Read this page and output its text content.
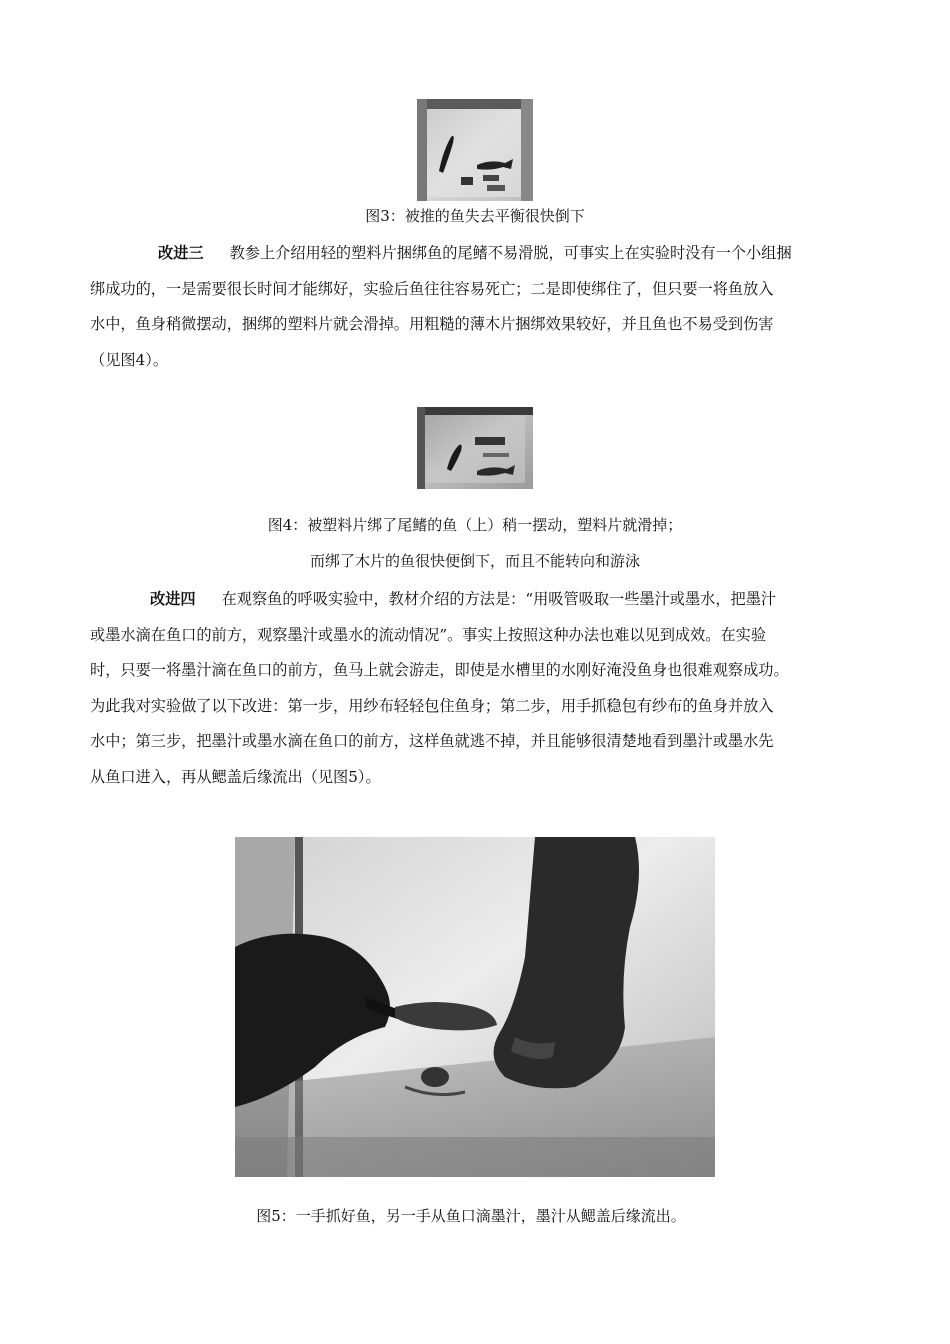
图3：被推的鱼失去平衡很快倒下
改进三 教参上介绍用轻的塑料片捆绑鱼的尾鳍不易滑脱，可事实上在实验时没有一个小组捆
绑成功的，一是需要很长时间才能绑好，实验后鱼往往容易死亡；二是即使绑住了，但只要一将鱼放入
水中，鱼身稍微摆动，捆绑的塑料片就会滑掉。用粗糙的薄木片捆绑效果较好，并且鱼也不易受到伤害
（见图4）。
图4：被塑料片绑了尾鳍的鱼（上）稍一摆动，塑料片就滑掉；
而绑了木片的鱼很快便倒下，而且不能转向和游泳
改进四 在观察鱼的呼吸实验中，教材介绍的方法是：“用吸管吸取一些墨汁或墨水，把墨汁
或墨水滴在鱼口的前方，观察墨汁或墨水的流动情况”。事实上按照这种办法也难以见到成效。在实验
时，只要一将墨汁滴在鱼口的前方，鱼马上就会游走，即使是水槽里的水刚好淹没鱼身也很难观察成功。
为此我对实验做了以下改进：第一步，用纱布轻轻包住鱼身；第二步，用手抓稳包有纱布的鱼身并放入
水中；第三步，把墨汁或墨水滴在鱼口的前方，这样鱼就逃不掉，并且能够很清楚地看到墨汁或墨水先
从鱼口进入，再从鳃盖后缘流出（见图5）。
图5：一手抓好鱼，另一手从鱼口滴墨汁，墨汁从鳃盖后缘流出。
